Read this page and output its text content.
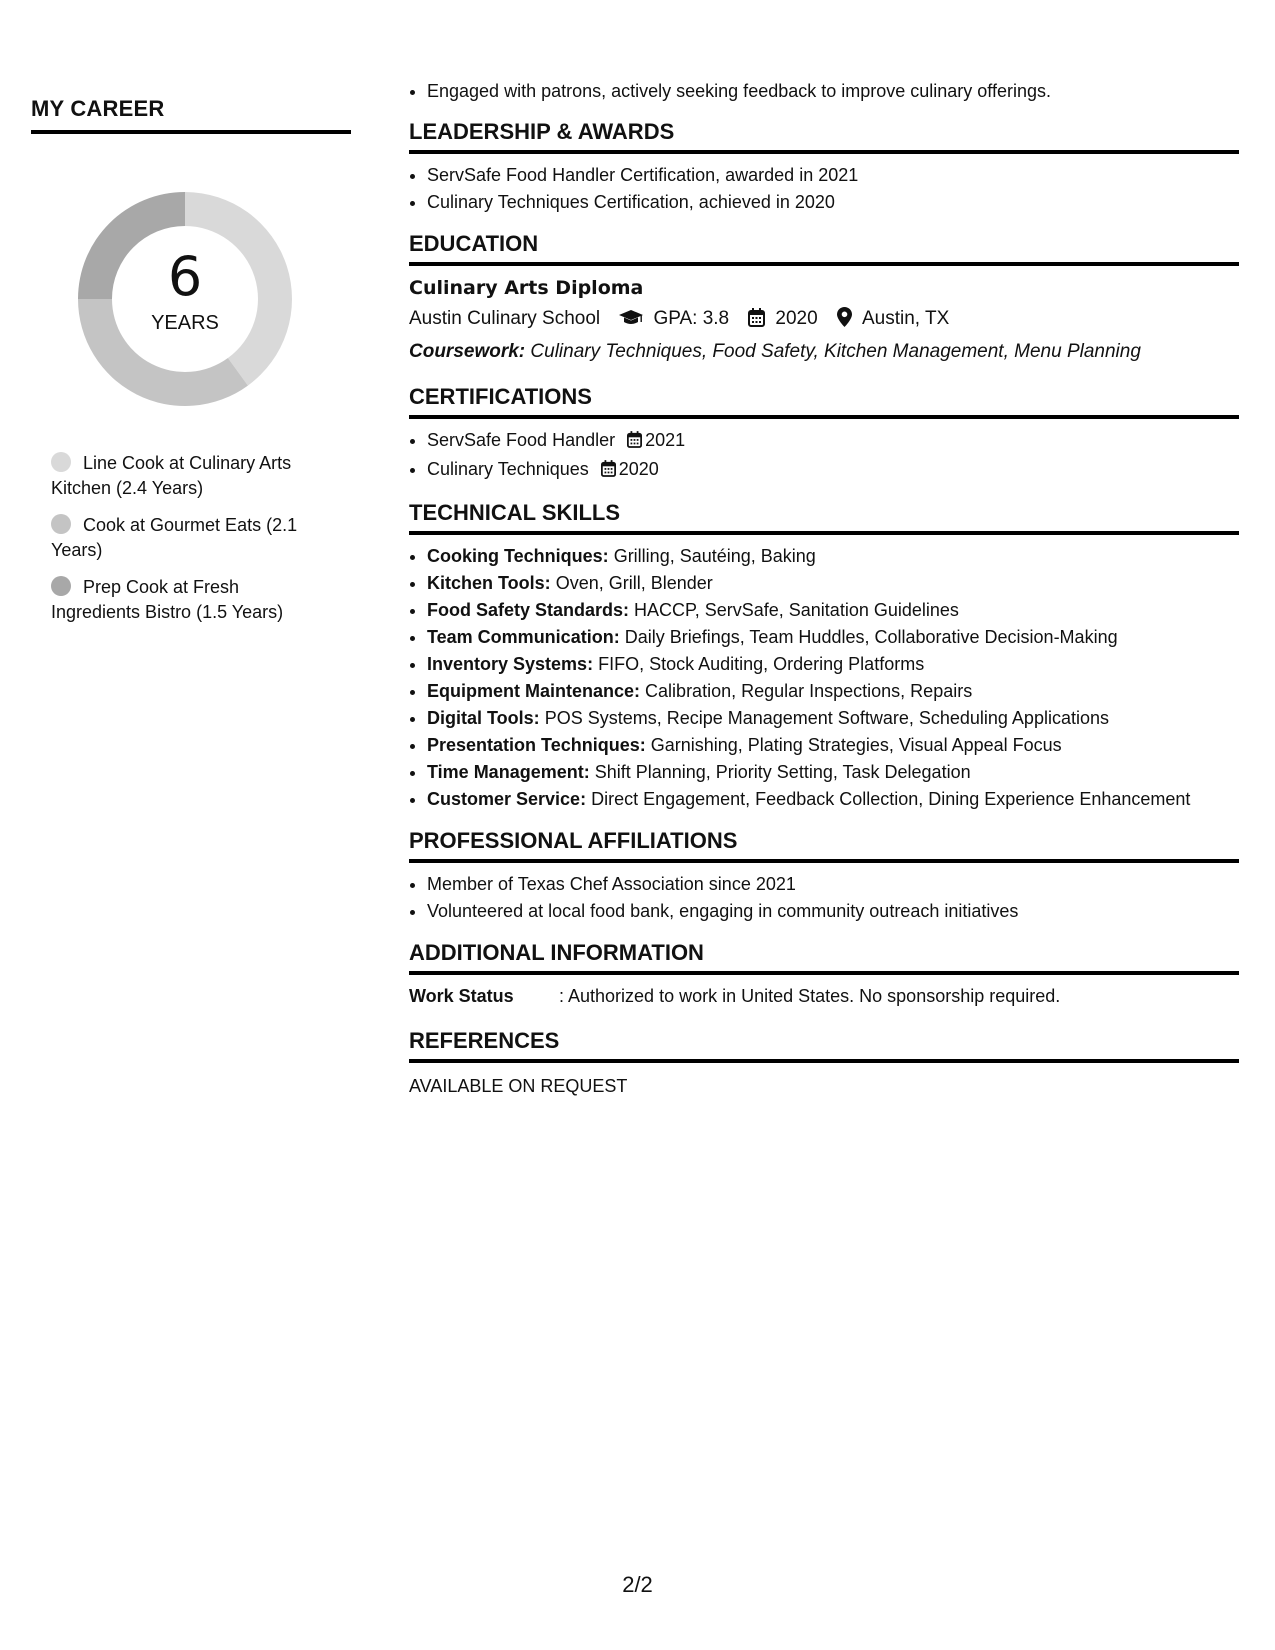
MY CAREER
6
YEARS
Line Cook at Culinary Arts Kitchen (2.4 Years)
Cook at Gourmet Eats (2.1 Years)
Prep Cook at Fresh Ingredients Bistro (1.5 Years)
• Engaged with patrons, actively seeking feedback to improve culinary offerings.
LEADERSHIP & AWARDS
• ServSafe Food Handler Certification, awarded in 2021
• Culinary Techniques Certification, achieved in 2020
EDUCATION
Culinary Arts Diploma
Austin Culinary School	GPA: 3.8 2020 Austin, TX
Coursework: Culinary Techniques, Food Safety, Kitchen Management, Menu Planning
CERTIFICATIONS
• ServSafe Food Handler 2021
• Culinary Techniques 2020
TECHNICAL SKILLS
• Cooking Techniques: Grilling, Sautéing, Baking
• Kitchen Tools: Oven, Grill, Blender
• Food Safety Standards: HACCP, ServSafe, Sanitation Guidelines
• Team Communication: Daily Briefings, Team Huddles, Collaborative Decision-Making
• Inventory Systems: FIFO, Stock Auditing, Ordering Platforms
• Equipment Maintenance: Calibration, Regular Inspections, Repairs
• Digital Tools: POS Systems, Recipe Management Software, Scheduling Applications
• Presentation Techniques: Garnishing, Plating Strategies, Visual Appeal Focus
• Time Management: Shift Planning, Priority Setting, Task Delegation
• Customer Service: Direct Engagement, Feedback Collection, Dining Experience Enhancement
PROFESSIONAL AFFILIATIONS
• Member of Texas Chef Association since 2021
• Volunteered at local food bank, engaging in community outreach initiatives
ADDITIONAL INFORMATION
Work Status	: Authorized to work in United States. No sponsorship required.
REFERENCES
AVAILABLE ON REQUEST
2/2
